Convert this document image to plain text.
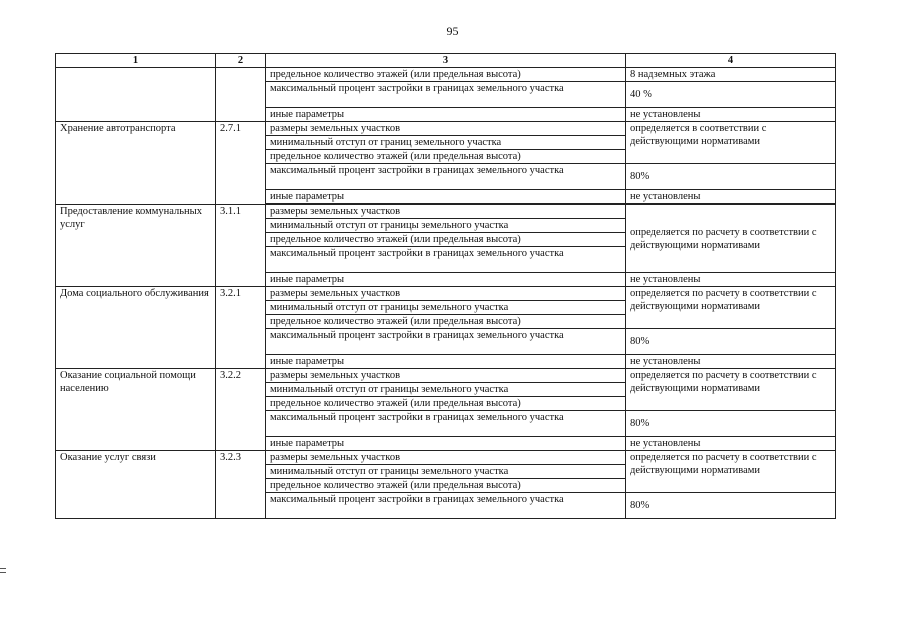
95
1	2	3	4
		предельное количество этажей (или предельная высота)	8 надземных этажа
		максимальный процент застройки в границах земельного участка	40 %
		иные параметры	не установлены
Хранение автотранспорта	2.7.1	размеры земельных участков	определяется в соответствии с действующими нормативами
		минимальный отступ от границ земельного участка	
		предельное количество этажей (или предельная высота)	
		максимальный процент застройки в границах земельного участка	80%
		иные параметры	не установлены

Предоставление коммунальных услуг	3.1.1	размеры земельных участков	определяется по расчету в соответствии с действующими нормативами
		минимальный отступ от границы земельного участка	
		предельное количество этажей (или предельная высота)	
		максимальный процент застройки в границах земельного участка	
		иные параметры	не установлены
Дома социального обслуживания	3.2.1	размеры земельных участков	определяется по расчету в соответствии с действующими нормативами
		минимальный отступ от границы земельного участка	
		предельное количество этажей (или предельная высота)	
		максимальный процент застройки в границах земельного участка	80%
		иные параметры	не установлены
Оказание социальной помощи населению	3.2.2	размеры земельных участков	определяется по расчету в соответствии с действующими нормативами
		минимальный отступ от границы земельного участка	
		предельное количество этажей (или предельная высота)	
		максимальный процент застройки в границах земельного участка	80%
		иные параметры	не установлены
Оказание услуг связи	3.2.3	размеры земельных участков	определяется по расчету в соответствии с действующими нормативами
		минимальный отступ от границы земельного участка	
		предельное количество этажей (или предельная высота)	
		максимальный процент застройки в границах земельного участка	80%
